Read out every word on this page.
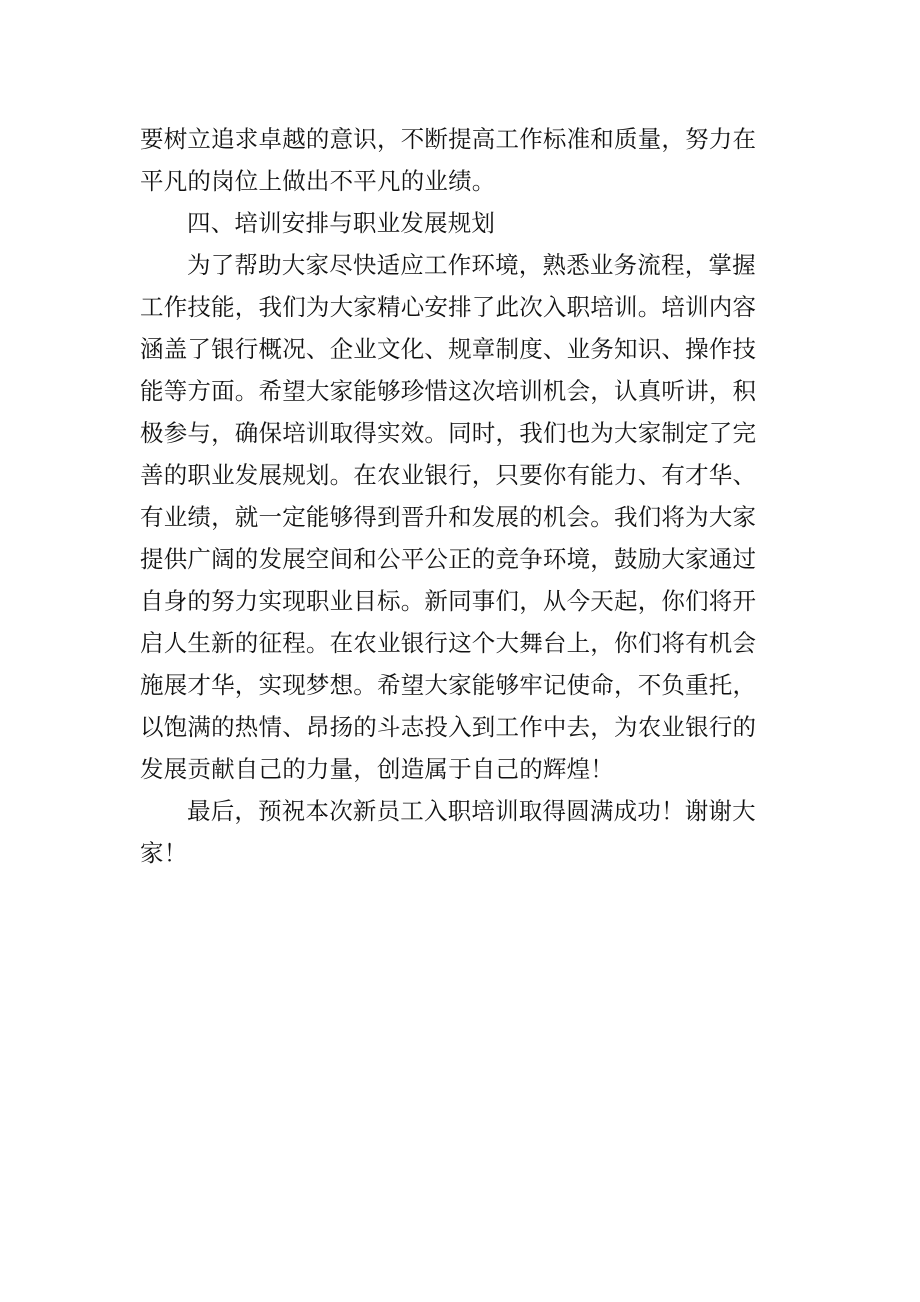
要树立追求卓越的意识，不断提高工作标准和质量，努力在
平凡的岗位上做出不平凡的业绩。

四、培训安排与职业发展规划

为了帮助大家尽快适应工作环境，熟悉业务流程，掌握
工作技能，我们为大家精心安排了此次入职培训。培训内容
涵盖了银行概况、企业文化、规章制度、业务知识、操作技
能等方面。希望大家能够珍惜这次培训机会，认真听讲，积
极参与，确保培训取得实效。同时，我们也为大家制定了完
善的职业发展规划。在农业银行，只要你有能力、有才华、
有业绩，就一定能够得到晋升和发展的机会。我们将为大家
提供广阔的发展空间和公平公正的竞争环境，鼓励大家通过
自身的努力实现职业目标。新同事们，从今天起，你们将开
启人生新的征程。在农业银行这个大舞台上，你们将有机会
施展才华，实现梦想。希望大家能够牢记使命，不负重托，
以饱满的热情、昂扬的斗志投入到工作中去，为农业银行的
发展贡献自己的力量，创造属于自己的辉煌！

最后，预祝本次新员工入职培训取得圆满成功！谢谢大
家！
